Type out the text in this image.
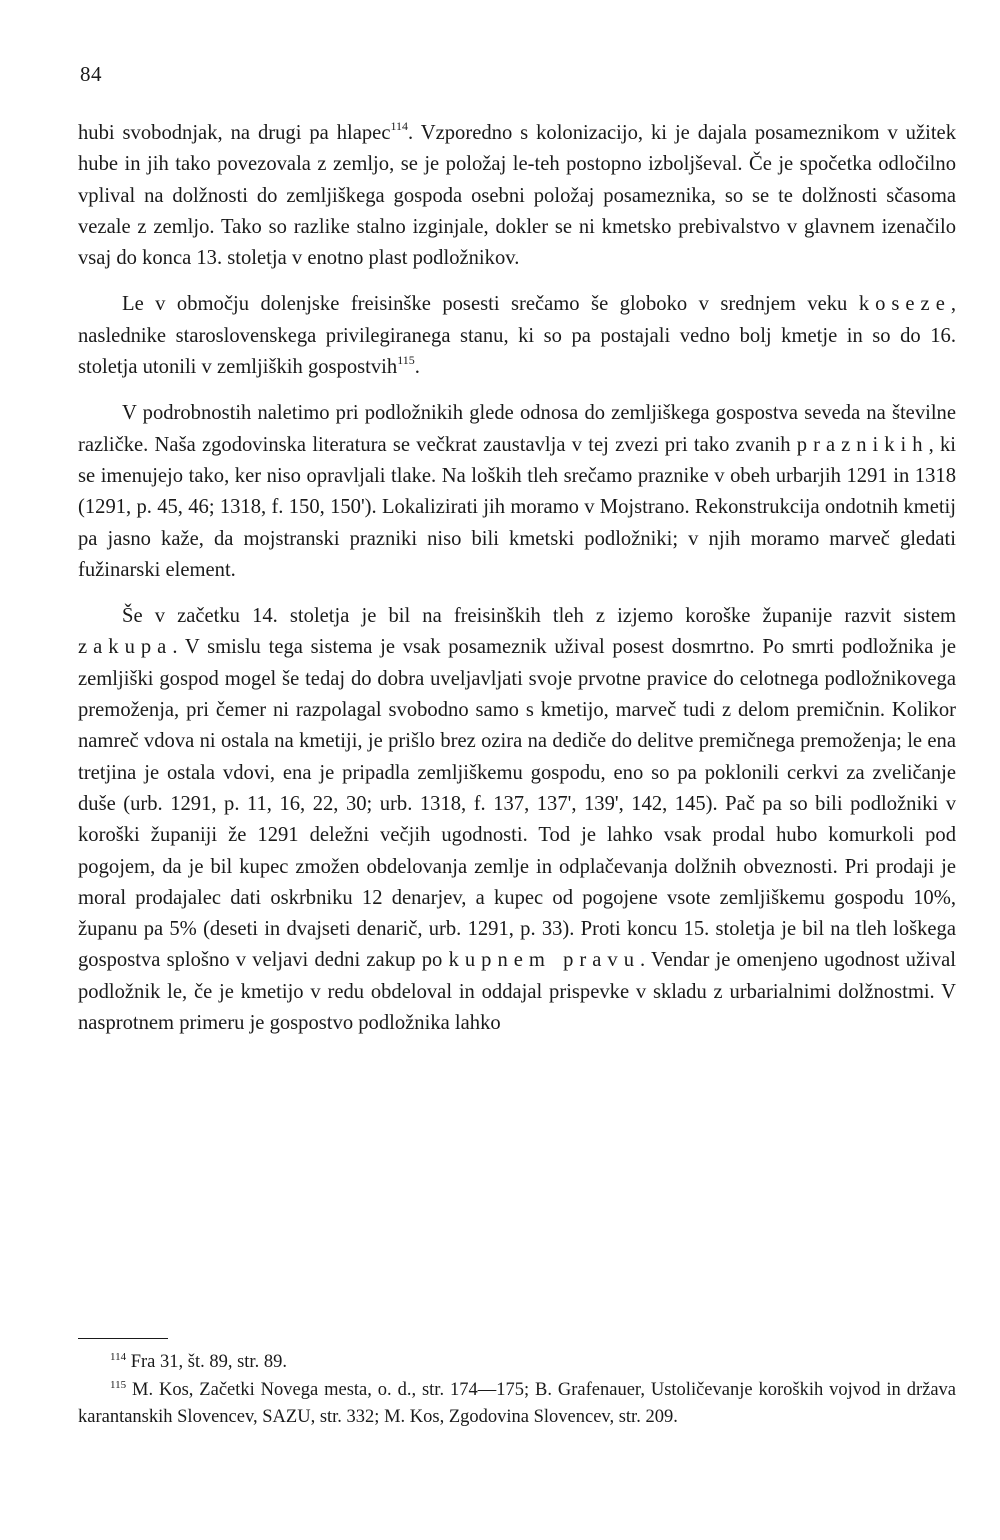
84

hubi svobodnjak, na drugi pa hlapec$^{114}$. Vzporedno s kolonizacijo, ki je dajala posameznikom v užitek hube in jih tako povezovala z zemljo, se je položaj le-teh postopno izboljševal. Če je spočetka odločilno vplival na dolžnosti do zemljiškega gospoda osebni položaj posameznika, so se te dolžnosti sčasoma vezale z zemljo. Tako so razlike stalno izginjale, dokler se ni kmetsko prebivalstvo v glavnem izenačilo vsaj do konca 13. stoletja v enotno plast podložnikov.

Le v območju dolenjske freisinške posesti srečamo še globoko v srednjem veku koseze, naslednike staroslovenskega privilegiranega stanu, ki so pa postajali vedno bolj kmetje in so do 16. stoletja utonili v zemljiških gospostvih$^{115}$.

V podrobnostih naletimo pri podložnikih glede odnosa do zemljiškega gospostva seveda na številne različke. Naša zgodovinska literatura se večkrat zaustavlja v tej zvezi pri tako zvanih praznikih, ki se imenujejo tako, ker niso opravljali tlake. Na loških tleh srečamo praznike v obeh urbarjih 1291 in 1318 (1291, p. 45, 46; 1318, f. 150, 150'). Lokalizirati jih moramo v Mojstrano. Rekonstrukcija ondotnih kmetij pa jasno kaže, da mojstranski prazniki niso bili kmetski podložniki; v njih moramo marveč gledati fužinarski element.

Še v začetku 14. stoletja je bil na freisinških tleh z izjemo koroške županije razvit sistem zakupa. V smislu tega sistema je vsak posameznik užival posest dosmrtno. Po smrti podložnika je zemljiški gospod mogel še tedaj do dobra uveljavljati svoje prvotne pravice do celotnega podložnikovega premoženja, pri čemer ni razpolagal svobodno samo s kmetijo, marveč tudi z delom premičnin. Kolikor namreč vdova ni ostala na kmetiji, je prišlo brez ozira na dediče do delitve premičnega premoženja; le ena tretjina je ostala vdovi, ena je pripadla zemljiškemu gospodu, eno so pa poklonili cerkvi za zveličanje duše (urb. 1291, p. 11, 16, 22, 30; urb. 1318, f. 137, 137', 139', 142, 145). Pač pa so bili podložniki v koroški županiji že 1291 deležni večjih ugodnosti. Tod je lahko vsak prodal hubo komurkoli pod pogojem, da je bil kupec zmožen obdelovanja zemlje in odplačevanja dolžnih obveznosti. Pri prodaji je moral prodajalec dati oskrbniku 12 denarjev, a kupec od pogojene vsote zemljiškemu gospodu 10%, županu pa 5% (deseti in dvajseti denarič, urb. 1291, p. 33). Proti koncu 15. stoletja je bil na tleh loškega gospostva splošno v veljavi dedni zakup po kupnem pravu. Vendar je omenjeno ugodnost užival podložnik le, če je kmetijo v redu obdeloval in oddajal prispevke v skladu z urbarialnimi dolžnostmi. V nasprotnem primeru je gospostvo podložnika lahko

$^{114}$ Fra 31, št. 89, str. 89.

$^{115}$ M. Kos, Začetki Novega mesta, o. d., str. 174—175; B. Grafenauer, Ustoličevanje koroških vojvod in država karantanskih Slovencev, SAZU, str. 332; M. Kos, Zgodovina Slovencev, str. 209.
